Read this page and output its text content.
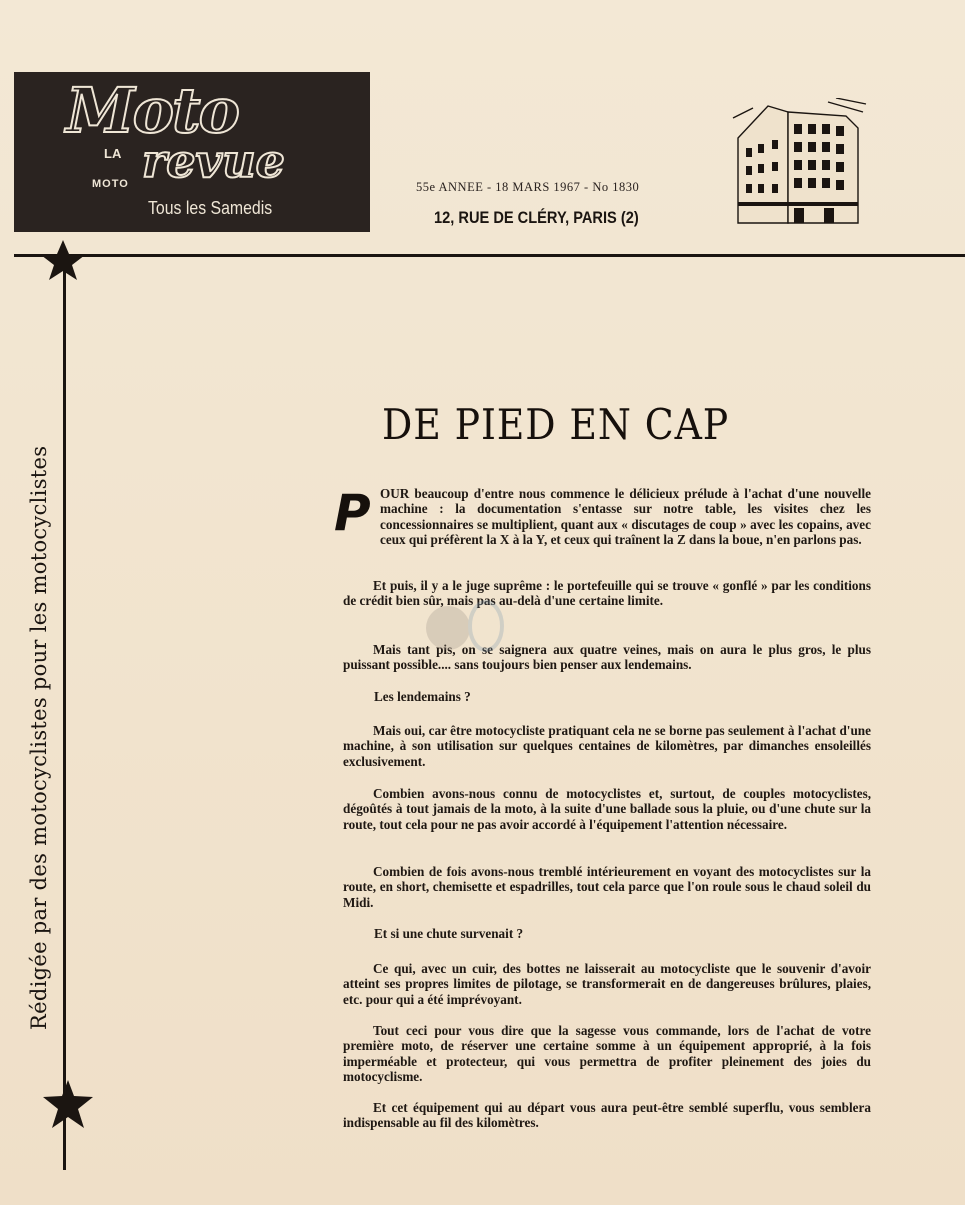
Moto
LA revue
MOTO
Tous les Samedis
55e ANNEE - 18 MARS 1967 - No 1830
12, RUE DE CLÉRY, PARIS (2)
Rédigée par des motocyclistes pour les motocyclistes
DE PIED EN CAP
P OUR beaucoup d'entre nous commence le délicieux prélude à l'achat d'une nouvelle machine : la documentation s'entasse sur notre table, les visites chez les concessionnaires se multiplient, quant aux « discutages de coup » avec les copains, avec ceux qui préfèrent la X à la Y, et ceux qui traînent la Z dans la boue, n'en parlons pas.
Et puis, il y a le juge suprême : le portefeuille qui se trouve « gonflé » par les conditions de crédit bien sûr, mais pas au-delà d'une certaine limite.
Mais tant pis, on se saignera aux quatre veines, mais on aura le plus gros, le plus puissant possible.... sans toujours bien penser aux lendemains.
Les lendemains ?
Mais oui, car être motocycliste pratiquant cela ne se borne pas seulement à l'achat d'une machine, à son utilisation sur quelques centaines de kilomètres, par dimanches ensoleillés exclusivement.
Combien avons-nous connu de motocyclistes et, surtout, de couples motocyclistes, dégoûtés à tout jamais de la moto, à la suite d'une ballade sous la pluie, ou d'une chute sur la route, tout cela pour ne pas avoir accordé à l'équipement l'attention nécessaire.
Combien de fois avons-nous tremblé intérieurement en voyant des motocyclistes sur la route, en short, chemisette et espadrilles, tout cela parce que l'on roule sous le chaud soleil du Midi.
Et si une chute survenait ?
Ce qui, avec un cuir, des bottes ne laisserait au motocycliste que le souvenir d'avoir atteint ses propres limites de pilotage, se transformerait en de dangereuses brûlures, plaies, etc. pour qui a été imprévoyant.
Tout ceci pour vous dire que la sagesse vous commande, lors de l'achat de votre première moto, de réserver une certaine somme à un équipement approprié, à la fois imperméable et protecteur, qui vous permettra de profiter pleinement des joies du motocyclisme.
Et cet équipement qui au départ vous aura peut-être semblé superflu, vous semblera indispensable au fil des kilomètres.
